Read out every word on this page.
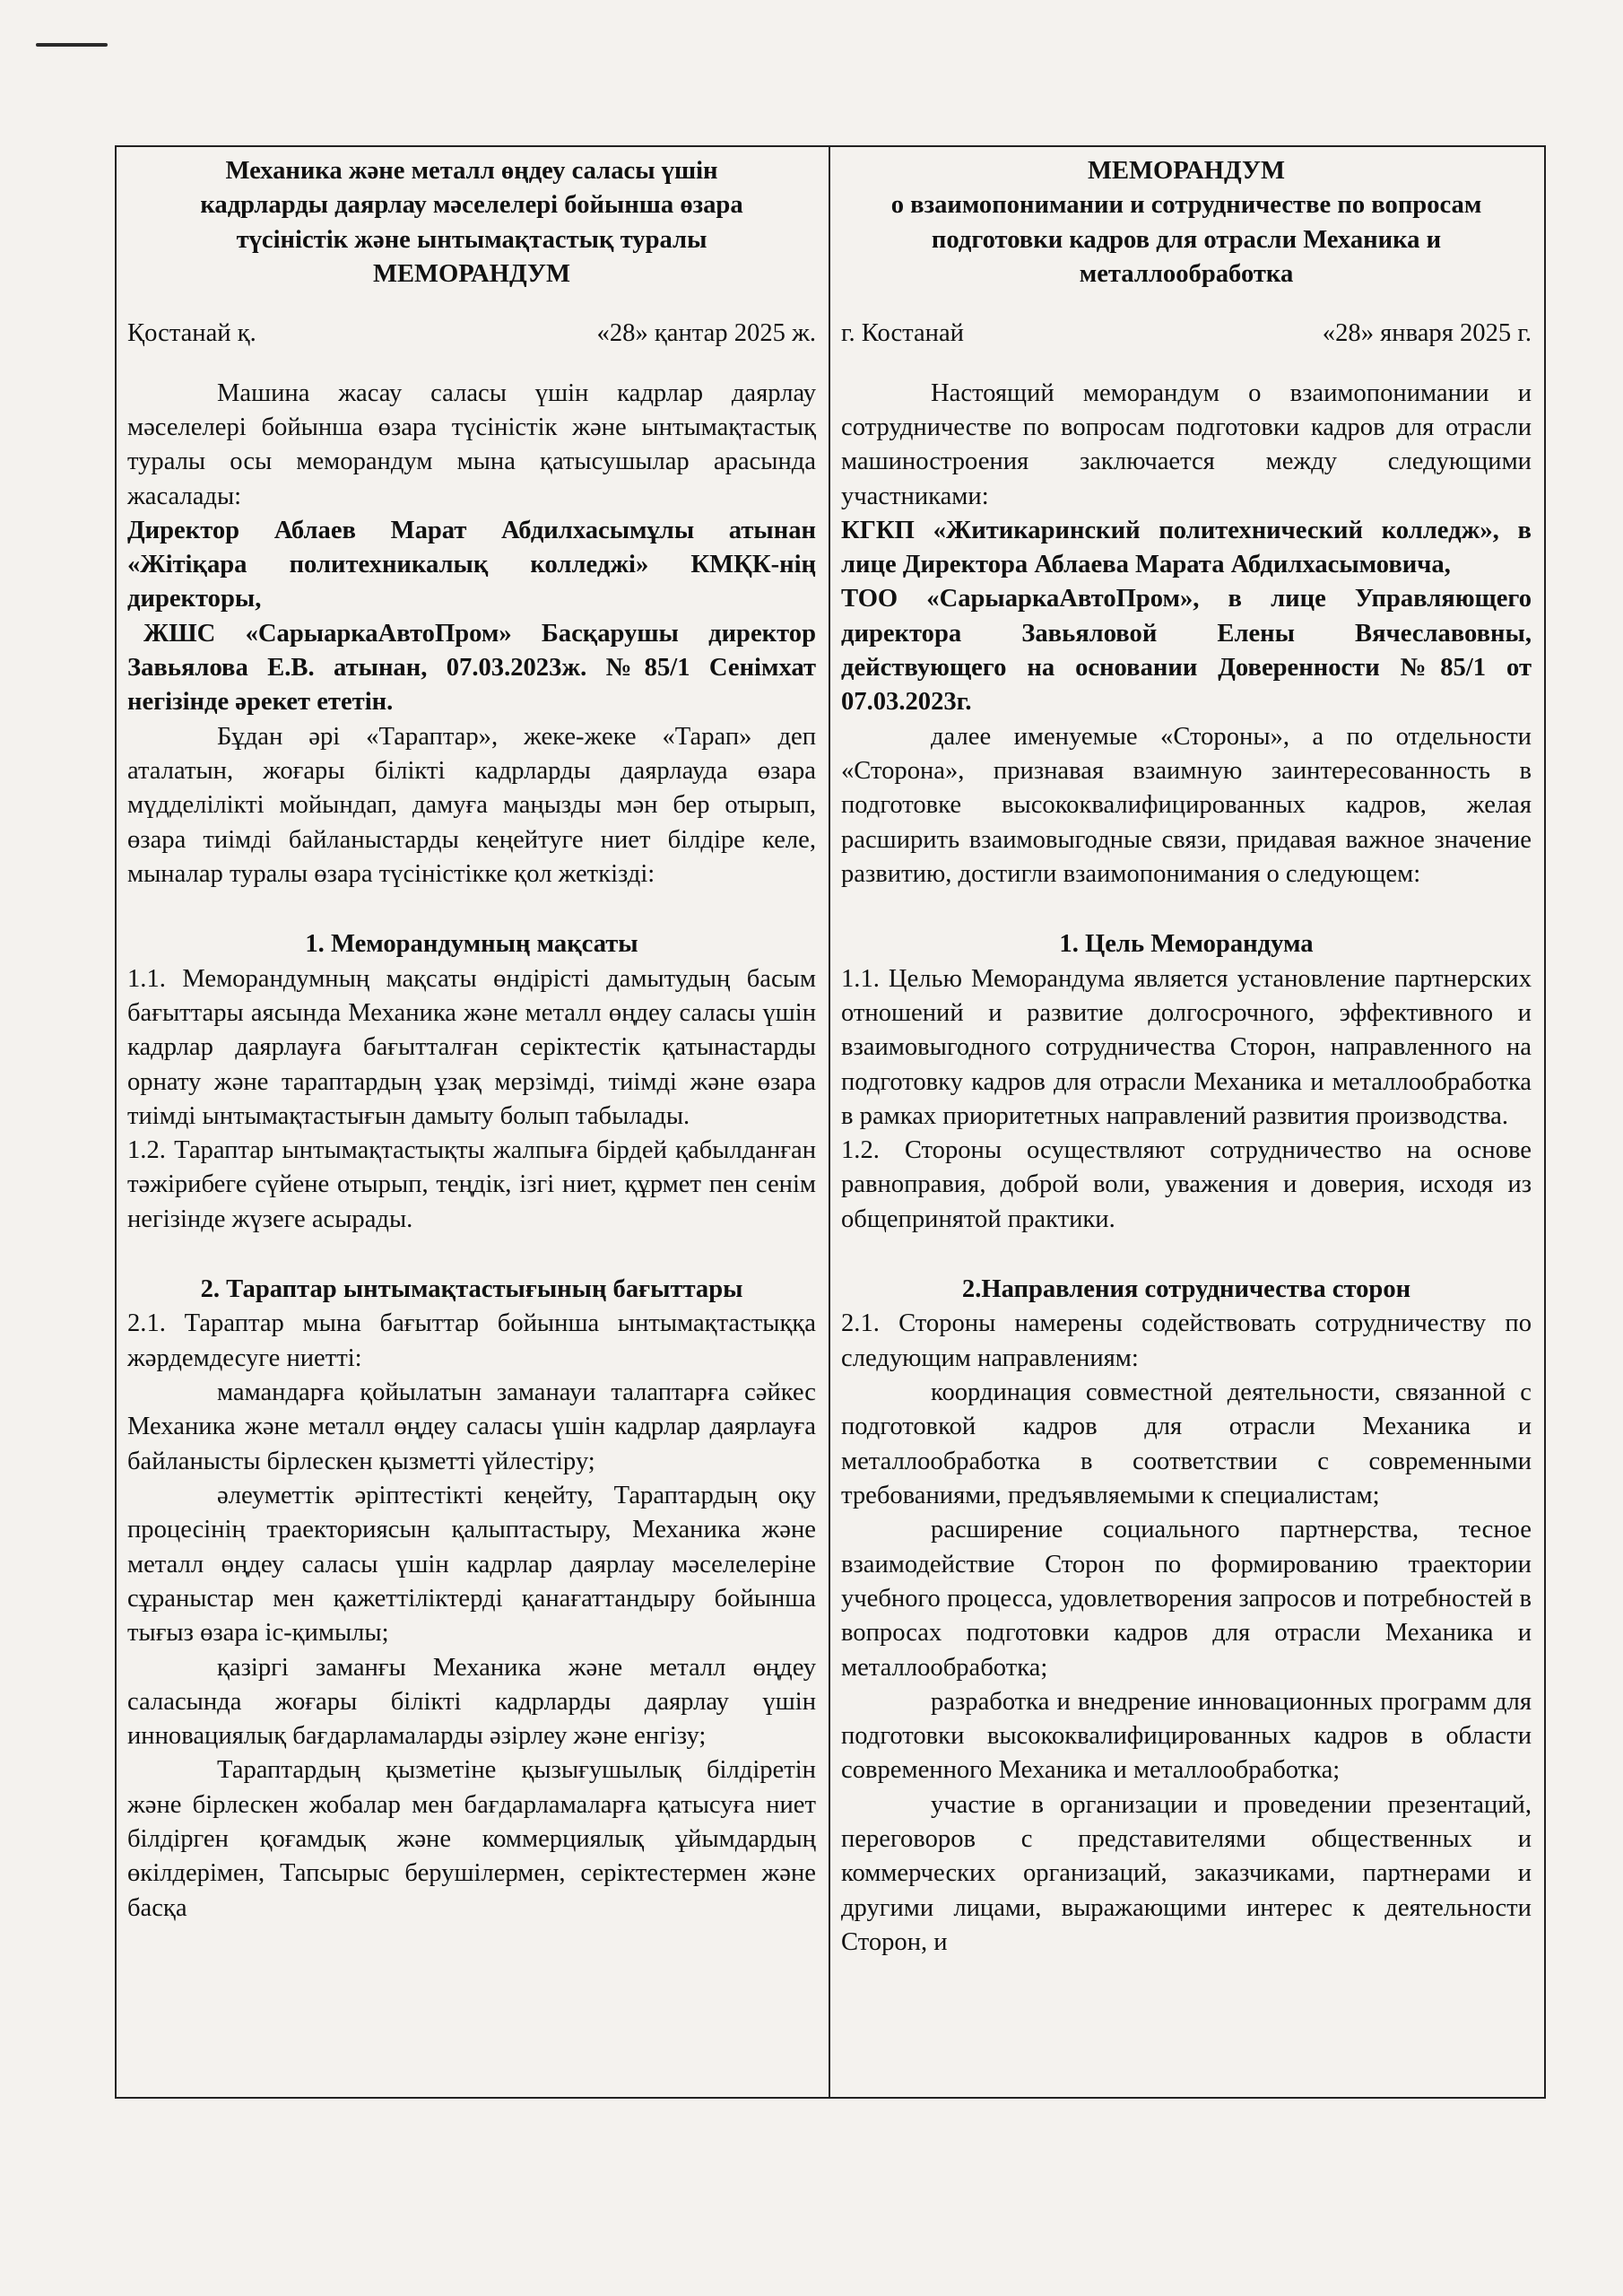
Механика және металл өңдеу саласы үшін
кадрларды даярлау мәселелері бойынша өзара
түсіністік және ынтымақтастық туралы
МЕМОРАНДУМ
Қостанай қ.	«28» қантар 2025 ж.

Машина жасау саласы үшін кадрлар даярлау мәселелері бойынша өзара түсіністік және ынтымақтастық туралы осы меморандум мына қатысушылар арасында жасалады:

Директор Аблаев Марат Абдилхасымұлы атынан «Жітіқара политехникалық колледжі» КМҚК-нің директоры,

ЖШС «СарыаркаАвтоПром» Басқарушы директор Завьялова Е.В. атынан, 07.03.2023ж. №85/1 Сенімхат негізінде әрекет ететін.

Бұдан әрі «Тараптар», жеке-жеке «Тарап» деп аталатын, жоғары білікті кадрларды даярлауда өзара мүдделілікті мойындап, дамуға маңызды мән бер отырып, өзара тиімді байланыстарды кеңейтуге ниет білдіре келе, мыналар туралы өзара түсіністікке қол жеткізді:

1. Меморандумның мақсаты

1.1. Меморандумның мақсаты өндірісті дамытудың басым бағыттары аясында Механика және металл өңдеу саласы үшін кадрлар даярлауға бағытталған серіктестік қатынастарды орнату және тараптардың ұзақ мерзімді, тиімді және өзара тиімді ынтымақтастығын дамыту болып табылады.

1.2. Тараптар ынтымақтастықты жалпыға бірдей қабылданған тәжірибеге сүйене отырып, теңдік, ізгі ниет, құрмет пен сенім негізінде жүзеге асырады.

2. Тараптар ынтымақтастығының бағыттары

2.1. Тараптар мына бағыттар бойынша ынтымақтастыққа жәрдемдесуге ниетті:

мамандарға қойылатын заманауи талаптарға сәйкес Механика және металл өңдеу саласы үшін кадрлар даярлауға байланысты бірлескен қызметті үйлестіру;

әлеуметтік әріптестікті кеңейту, Тараптардың оқу процесінің траекториясын қалыптастыру, Механика және металл өңдеу саласы үшін кадрлар даярлау мәселелеріне сұраныстар мен қажеттіліктерді қанағаттандыру бойынша тығыз өзара іс-қимылы;

қазіргі заманғы Механика және металл өңдеу саласында жоғары білікті кадрларды даярлау үшін инновациялық бағдарламаларды әзірлеу және енгізу;

Тараптардың қызметіне қызығушылық білдіретін және бірлескен жобалар мен бағдарламаларға қатысуға ниет білдірген қоғамдық және коммерциялық ұйымдардың өкілдерімен, Тапсырыс берушілермен, серіктестермен және басқа

МЕМОРАНДУМ
о взаимопонимании и сотрудничестве по вопросам
подготовки кадров для отрасли Механика и
металлообработка
г. Костанай	«28» января 2025 г.

Настоящий меморандум о взаимопонимании и сотрудничестве по вопросам подготовки кадров для отрасли машиностроения заключается между следующими участниками:

КГКП «Житикаринский политехнический колледж», в лице Директора Аблаева Марата Абдилхасымовича,

ТОО «СарыаркаАвтоПром», в лице Управляющего директора Завьяловой Елены Вячеславовны, действующего на основании Доверенности №85/1 от 07.03.2023г.

далее именуемые «Стороны», а по отдельности «Сторона», признавая взаимную заинтересованность в подготовке высококвалифицированных кадров, желая расширить взаимовыгодные связи, придавая важное значение развитию, достигли взаимопонимания о следующем:

1. Цель Меморандума

1.1. Целью Меморандума является установление партнерских отношений и развитие долгосрочного, эффективного и взаимовыгодного сотрудничества Сторон, направленного на подготовку кадров для отрасли Механика и металлообработка в рамках приоритетных направлений развития производства.

1.2. Стороны осуществляют сотрудничество на основе равноправия, доброй воли, уважения и доверия, исходя из общепринятой практики.

2.Направления сотрудничества сторон

2.1. Стороны намерены содействовать сотрудничеству по следующим направлениям:

координация совместной деятельности, связанной с подготовкой кадров для отрасли Механика и металлообработка в соответствии с современными требованиями, предъявляемыми к специалистам;

расширение социального партнерства, тесное взаимодействие Сторон по формированию траектории учебного процесса, удовлетворения запросов и потребностей в вопросах подготовки кадров для отрасли Механика и металлообработка;

разработка и внедрение инновационных программ для подготовки высококвалифицированных кадров в области современного Механика и металлообработка;

участие в организации и проведении презентаций, переговоров с представителями общественных и коммерческих организаций, заказчиками, партнерами и другими лицами, выражающими интерес к деятельности Сторон, и
